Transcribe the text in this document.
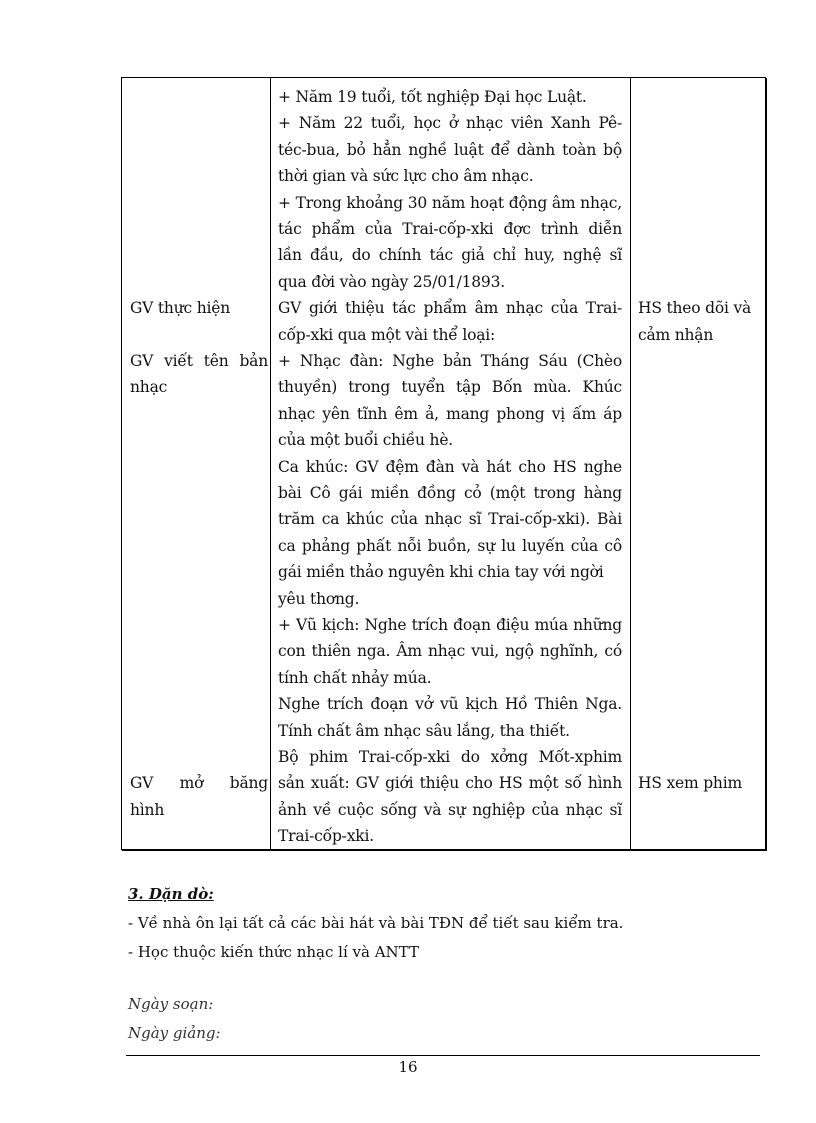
GV thực hiện
GV viết tên bản
nhạc
GV mở băng
hình
+ Năm 19 tuổi, tốt nghiệp Đại học Luật.
+ Năm 22 tuổi, học ở nhạc viên Xanh Pê-
téc-bua, bỏ hẳn nghề luật để dành toàn bộ
thời gian và sức lực cho âm nhạc.
+ Trong khoảng 30 năm hoạt động âm nhạc,
tác phẩm của Trai-cốp-xki đợc trình diễn
lần đầu, do chính tác giả chỉ huy, nghệ sĩ
qua đời vào ngày 25/01/1893.
GV giới thiệu tác phẩm âm nhạc của Trai-
cốp-xki qua một vài thể loại:
+ Nhạc đàn: Nghe bản Tháng Sáu (Chèo
thuyền) trong tuyển tập Bốn mùa. Khúc
nhạc yên tĩnh êm ả, mang phong vị ấm áp
của một buổi chiều hè.
Ca khúc: GV đệm đàn và hát cho HS nghe
bài Cô gái miền đồng cỏ (một trong hàng
trăm ca khúc của nhạc sĩ Trai-cốp-xki). Bài
ca phảng phất nỗi buồn, sự lu luyến của cô
gái miền thảo nguyên khi chia tay với ngời
yêu thơng.
+ Vũ kịch: Nghe trích đoạn điệu múa những
con thiên nga. Âm nhạc vui, ngộ nghĩnh, có
tính chất nhảy múa.
Nghe trích đoạn vở vũ kịch Hồ Thiên Nga.
Tính chất âm nhạc sâu lắng, tha thiết.
Bộ phim Trai-cốp-xki do xởng Mốt-xphim
sản xuất: GV giới thiệu cho HS một số hình
ảnh về cuộc sống và sự nghiệp của nhạc sĩ
Trai-cốp-xki.
HS theo dõi và
cảm nhận
HS xem phim
3. Dặn dò:
- Về nhà ôn lại tất cả các bài hát và bài TĐN để tiết sau kiểm tra.
- Học thuộc kiến thức nhạc lí và ANTT
Ngày soạn:
Ngày giảng:
16
